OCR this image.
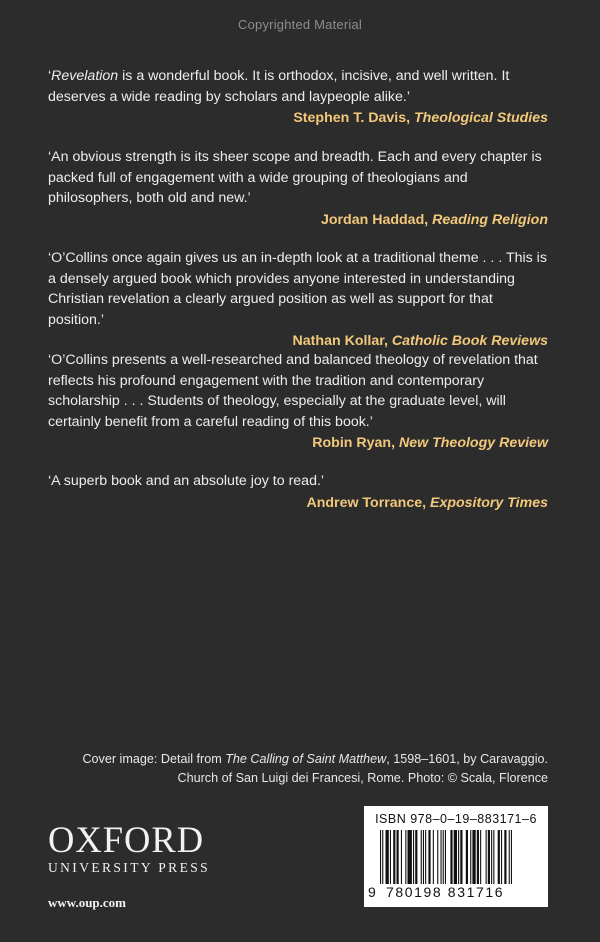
Copyrighted Material

‘Revelation is a wonderful book. It is orthodox, incisive, and well written. It deserves a wide reading by scholars and laypeople alike.’

Stephen T. Davis, Theological Studies

‘An obvious strength is its sheer scope and breadth. Each and every chapter is packed full of engagement with a wide grouping of theologians and philosophers, both old and new.’

Jordan Haddad, Reading Religion

‘O’Collins once again gives us an in-depth look at a traditional theme . . . This is a densely argued book which provides anyone interested in understanding Christian revelation a clearly argued position as well as support for that position.’

Nathan Kollar, Catholic Book Reviews

‘O’Collins presents a well-researched and balanced theology of revelation that reflects his profound engagement with the tradition and contemporary scholarship . . . Students of theology, especially at the graduate level, will certainly benefit from a careful reading of this book.’

Robin Ryan, New Theology Review

‘A superb book and an absolute joy to read.’

Andrew Torrance, Expository Times
Cover image: Detail from The Calling of Saint Matthew, 1598–1601, by Caravaggio.
Church of San Luigi dei Francesi, Rome. Photo: © Scala, Florence
OXFORD
UNIVERSITY PRESS
www.oup.com
ISBN 978–0–19–883171–6
9 780198 831716
